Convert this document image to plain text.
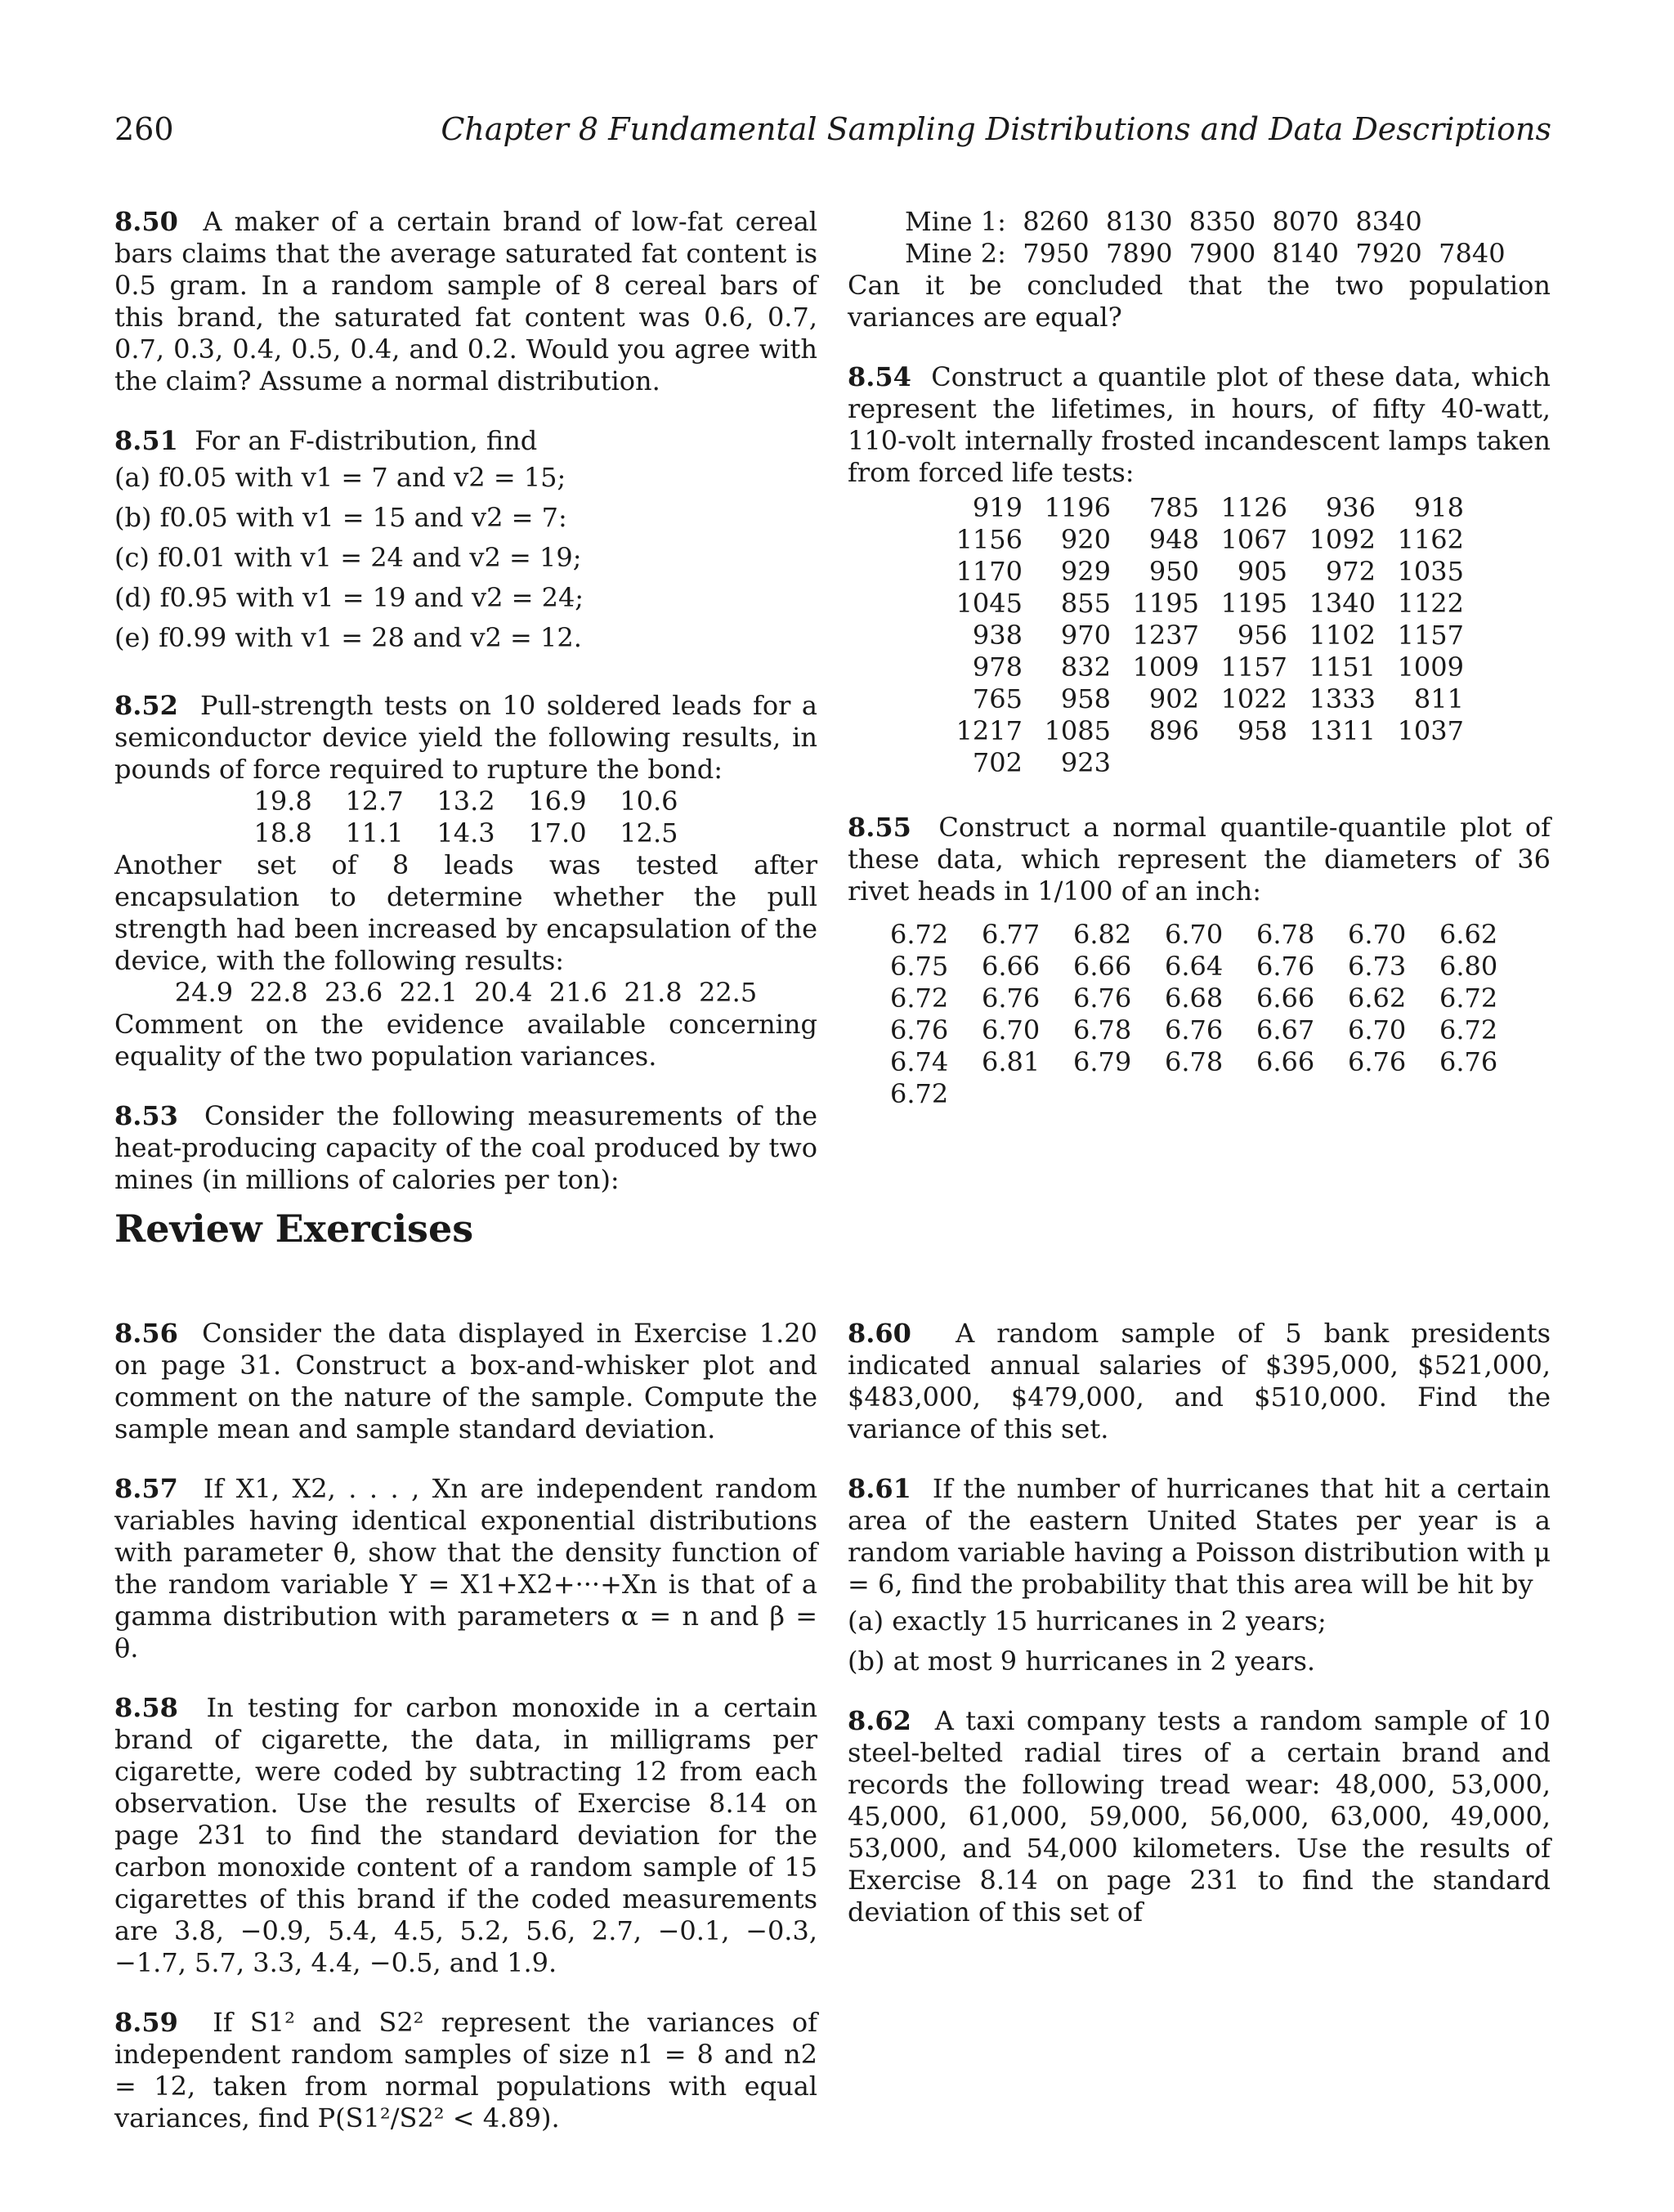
260	Chapter 8 Fundamental Sampling Distributions and Data Descriptions

8.50 A maker of a certain brand of low-fat cereal bars claims that the average saturated fat content is 0.5 gram. In a random sample of 8 cereal bars of this brand, the saturated fat content was 0.6, 0.7, 0.7, 0.3, 0.4, 0.5, 0.4, and 0.2. Would you agree with the claim? Assume a normal distribution.

8.51 For an F-distribution, find

(a) f0.05 with v1 = 7 and v2 = 15;
(b) f0.05 with v1 = 15 and v2 = 7:
(c) f0.01 with v1 = 24 and v2 = 19;
(d) f0.95 with v1 = 19 and v2 = 24;
(e) f0.99 with v1 = 28 and v2 = 12.

8.52 Pull-strength tests on 10 soldered leads for a semiconductor device yield the following results, in pounds of force required to rupture the bond:

19.8    12.7    13.2    16.9    10.6
18.8    11.1    14.3    17.0    12.5

Another set of 8 leads was tested after encapsulation to determine whether the pull strength had been increased by encapsulation of the device, with the following results:

24.9  22.8  23.6  22.1  20.4  21.6  21.8  22.5

Comment on the evidence available concerning equality of the two population variances.

8.53 Consider the following measurements of the heat-producing capacity of the coal produced by two mines (in millions of calories per ton):

Mine 1:  8260  8130  8350  8070  8340
Mine 2:  7950  7890  7900  8140  7920  7840

Can it be concluded that the two population variances are equal?

8.54 Construct a quantile plot of these data, which represent the lifetimes, in hours, of fifty 40-watt, 110-volt internally frosted incandescent lamps taken from forced life tests:

919	1196	785	1126	936	918
1156	920	948	1067	1092	1162
1170	929	950	905	972	1035
1045	855	1195	1195	1340	1122
938	970	1237	956	1102	1157
978	832	1009	1157	1151	1009
765	958	902	1022	1333	811
1217	1085	896	958	1311	1037
702	923				

8.55 Construct a normal quantile-quantile plot of these data, which represent the diameters of 36 rivet heads in 1/100 of an inch:

6.72	6.77	6.82	6.70	6.78	6.70	6.62
6.75	6.66	6.66	6.64	6.76	6.73	6.80
6.72	6.76	6.76	6.68	6.66	6.62	6.72
6.76	6.70	6.78	6.76	6.67	6.70	6.72
6.74	6.81	6.79	6.78	6.66	6.76	6.76
6.72						
Review Exercises

8.56 Consider the data displayed in Exercise 1.20 on page 31. Construct a box-and-whisker plot and comment on the nature of the sample. Compute the sample mean and sample standard deviation.

8.57 If X1, X2, . . . , Xn are independent random variables having identical exponential distributions with parameter θ, show that the density function of the random variable Y = X1+X2+···+Xn is that of a gamma distribution with parameters α = n and β = θ.

8.58 In testing for carbon monoxide in a certain brand of cigarette, the data, in milligrams per cigarette, were coded by subtracting 12 from each observation. Use the results of Exercise 8.14 on page 231 to find the standard deviation for the carbon monoxide content of a random sample of 15 cigarettes of this brand if the coded measurements are 3.8, −0.9, 5.4, 4.5, 5.2, 5.6, 2.7, −0.1, −0.3, −1.7, 5.7, 3.3, 4.4, −0.5, and 1.9.

8.59 If S1² and S2² represent the variances of independent random samples of size n1 = 8 and n2 = 12, taken from normal populations with equal variances, find P(S1²/S2² < 4.89).

8.60 A random sample of 5 bank presidents indicated annual salaries of $395,000, $521,000, $483,000, $479,000, and $510,000. Find the variance of this set.

8.61 If the number of hurricanes that hit a certain area of the eastern United States per year is a random variable having a Poisson distribution with μ = 6, find the probability that this area will be hit by

(a) exactly 15 hurricanes in 2 years;
(b) at most 9 hurricanes in 2 years.

8.62 A taxi company tests a random sample of 10 steel-belted radial tires of a certain brand and records the following tread wear: 48,000, 53,000, 45,000, 61,000, 59,000, 56,000, 63,000, 49,000, 53,000, and 54,000 kilometers. Use the results of Exercise 8.14 on page 231 to find the standard deviation of this set of
